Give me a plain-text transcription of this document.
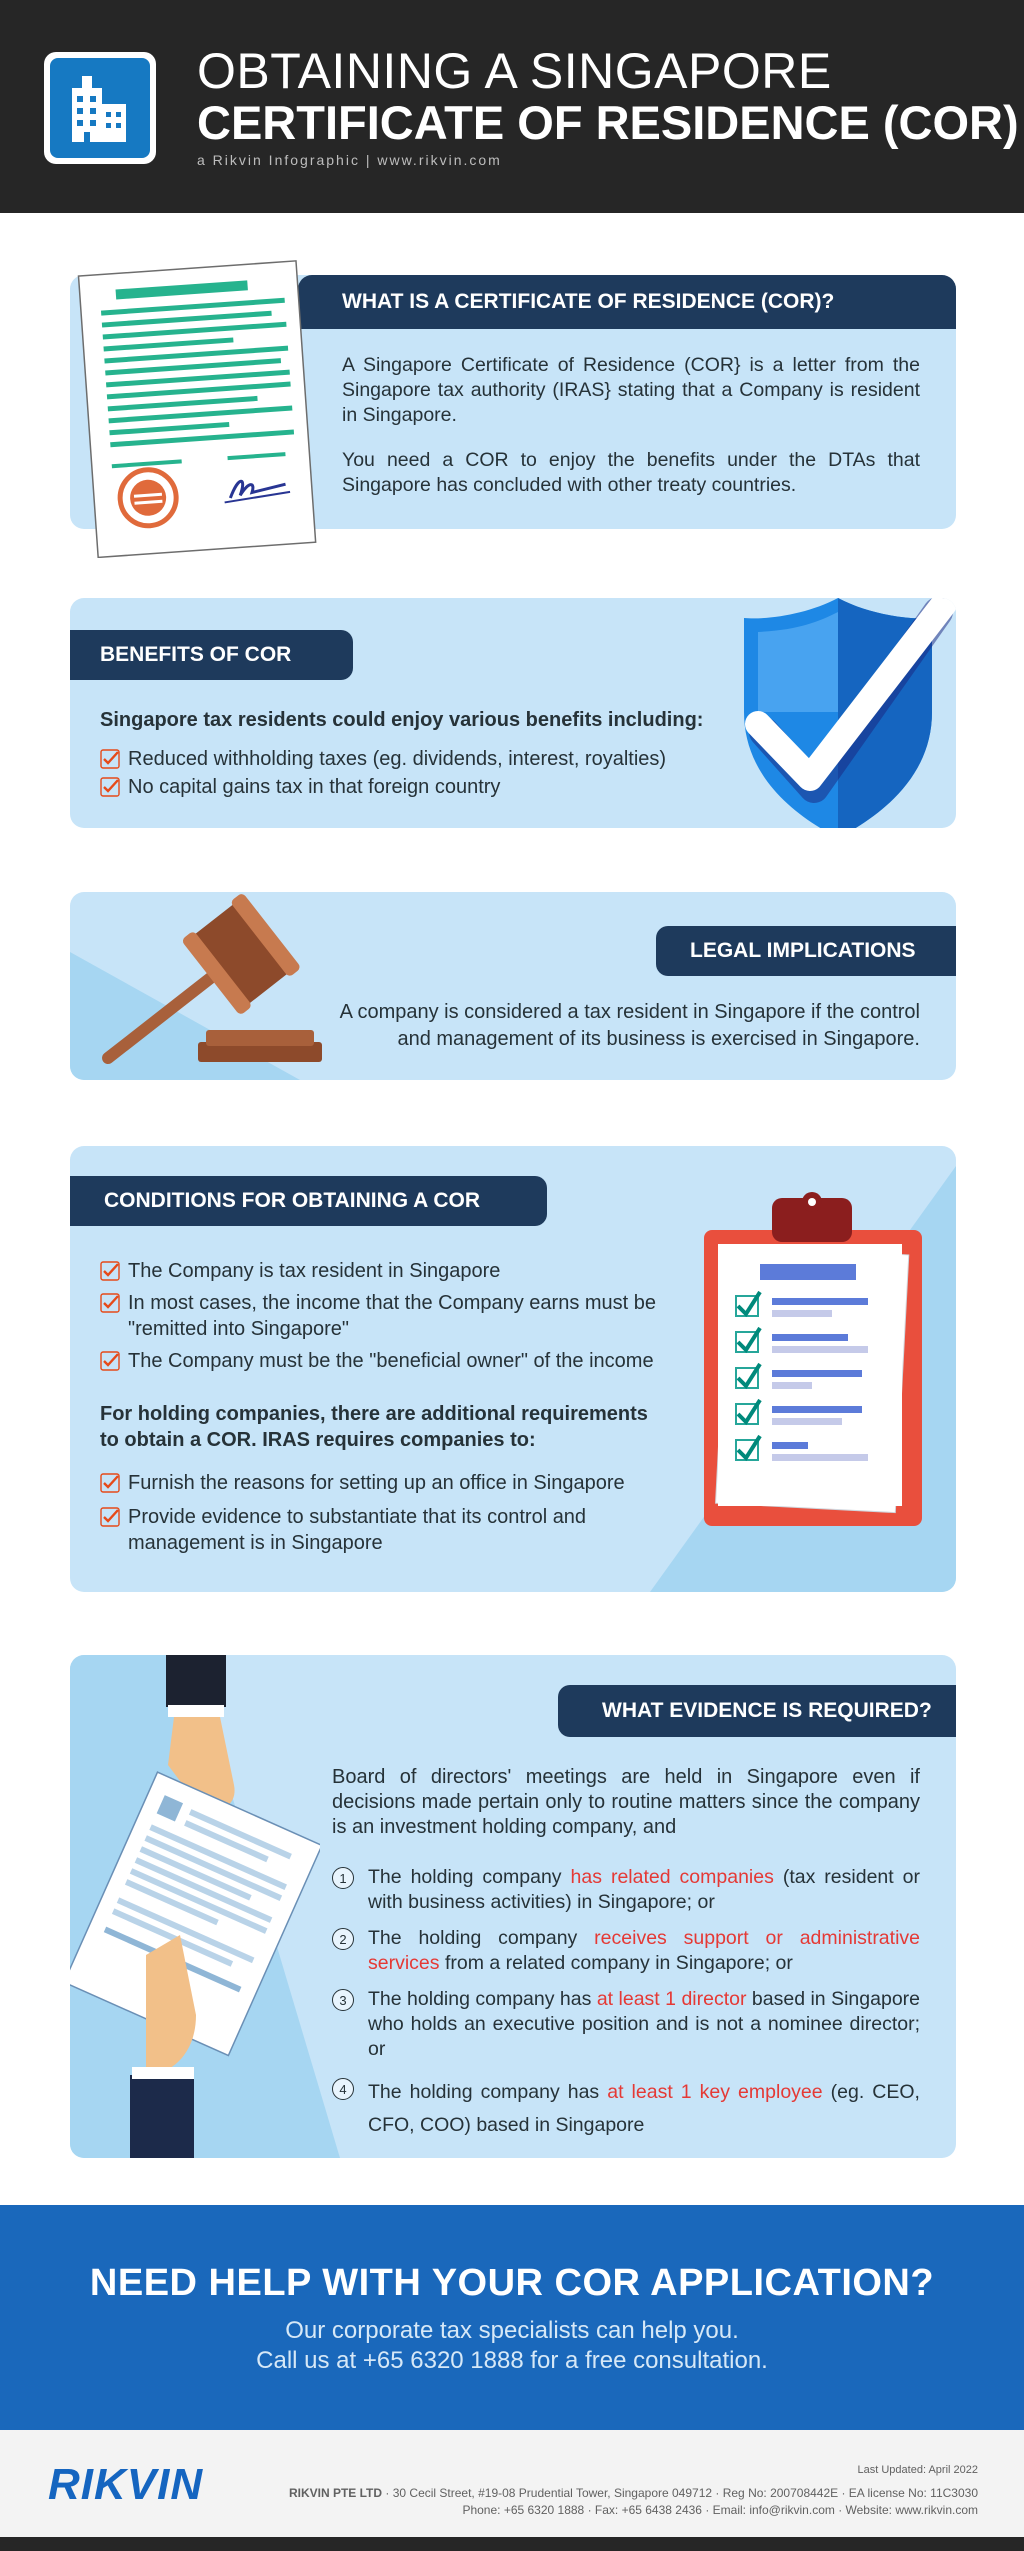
OBTAINING A SINGAPORE
CERTIFICATE OF RESIDENCE (COR)
a Rikvin Infographic | www.rikvin.com
WHAT IS A CERTIFICATE OF RESIDENCE (COR)?
A Singapore Certificate of Residence (COR} is a letter from the Singapore tax authority (IRAS} stating that a Company is resident in Singapore.
You need a COR to enjoy the benefits under the DTAs that Singapore has concluded with other treaty countries.
BENEFITS OF COR
Singapore tax residents could enjoy various benefits including:
Reduced withholding taxes (eg. dividends, interest, royalties)
No capital gains tax in that foreign country
LEGAL IMPLICATIONS
A company is considered a tax resident in Singapore if the control and management of its business is exercised in Singapore.
CONDITIONS FOR OBTAINING A COR
The Company is tax resident in Singapore
In most cases, the income that the Company earns must be "remitted into Singapore"
The Company must be the "beneficial owner" of the income
For holding companies, there are additional requirements to obtain a COR. IRAS requires companies to:
Furnish the reasons for setting up an office in Singapore
Provide evidence to substantiate that its control and management is in Singapore
WHAT EVIDENCE IS REQUIRED?
Board of directors' meetings are held in Singapore even if decisions made pertain only to routine matters since the company is an investment holding company, and
1	The holding company has related companies (tax resident or with business activities) in Singapore; or
2	The holding company receives support or administrative services from a related company in Singapore; or
3	The holding company has at least 1 director based in Singapore who holds an executive position and is not a nominee director; or
4	The holding company has at least 1 key employee (eg. CEO, CFO, COO) based in Singapore
NEED HELP WITH YOUR COR APPLICATION?
Our corporate tax specialists can help you.
Call us at +65 6320 1888 for a free consultation.
RIKVIN	Last Updated: April 2022
RIKVIN PTE LTD · 30 Cecil Street, #19-08 Prudential Tower, Singapore 049712 · Reg No: 200708442E · EA license No: 11C3030
Phone: +65 6320 1888 · Fax: +65 6438 2436 · Email: info@rikvin.com · Website: www.rikvin.com
